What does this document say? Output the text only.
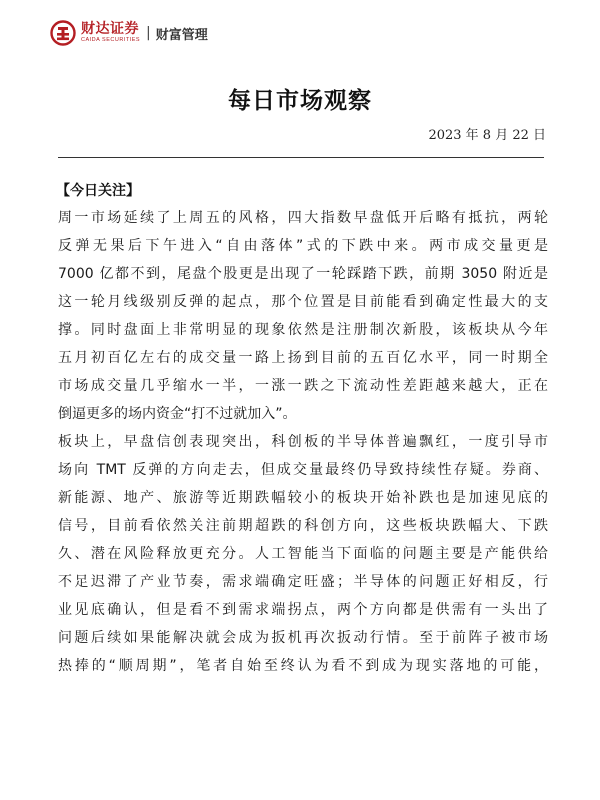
财达证券
CAIDA SECURITIES | 财富管理
每日市场观察
2023 年 8 月 22 日
【今日关注】
周一市场延续了上周五的风格，四大指数早盘低开后略有抵抗，两轮
反弹无果后下午进入“自由落体”式的下跌中来。两市成交量更是
7000 亿都不到，尾盘个股更是出现了一轮踩踏下跌，前期 3050 附近是
这一轮月线级别反弹的起点，那个位置是目前能看到确定性最大的支
撑。同时盘面上非常明显的现象依然是注册制次新股，该板块从今年
五月初百亿左右的成交量一路上扬到目前的五百亿水平，同一时期全
市场成交量几乎缩水一半，一涨一跌之下流动性差距越来越大，正在
倒逼更多的场内资金“打不过就加入”。
板块上，早盘信创表现突出，科创板的半导体普遍飘红，一度引导市
场向 TMT 反弹的方向走去，但成交量最终仍导致持续性存疑。券商、
新能源、地产、旅游等近期跌幅较小的板块开始补跌也是加速见底的
信号，目前看依然关注前期超跌的科创方向，这些板块跌幅大、下跌
久、潜在风险释放更充分。人工智能当下面临的问题主要是产能供给
不足迟滞了产业节奏，需求端确定旺盛；半导体的问题正好相反，行
业见底确认，但是看不到需求端拐点，两个方向都是供需有一头出了
问题后续如果能解决就会成为扳机再次扳动行情。至于前阵子被市场
热捧的“顺周期”，笔者自始至终认为看不到成为现实落地的可能，
